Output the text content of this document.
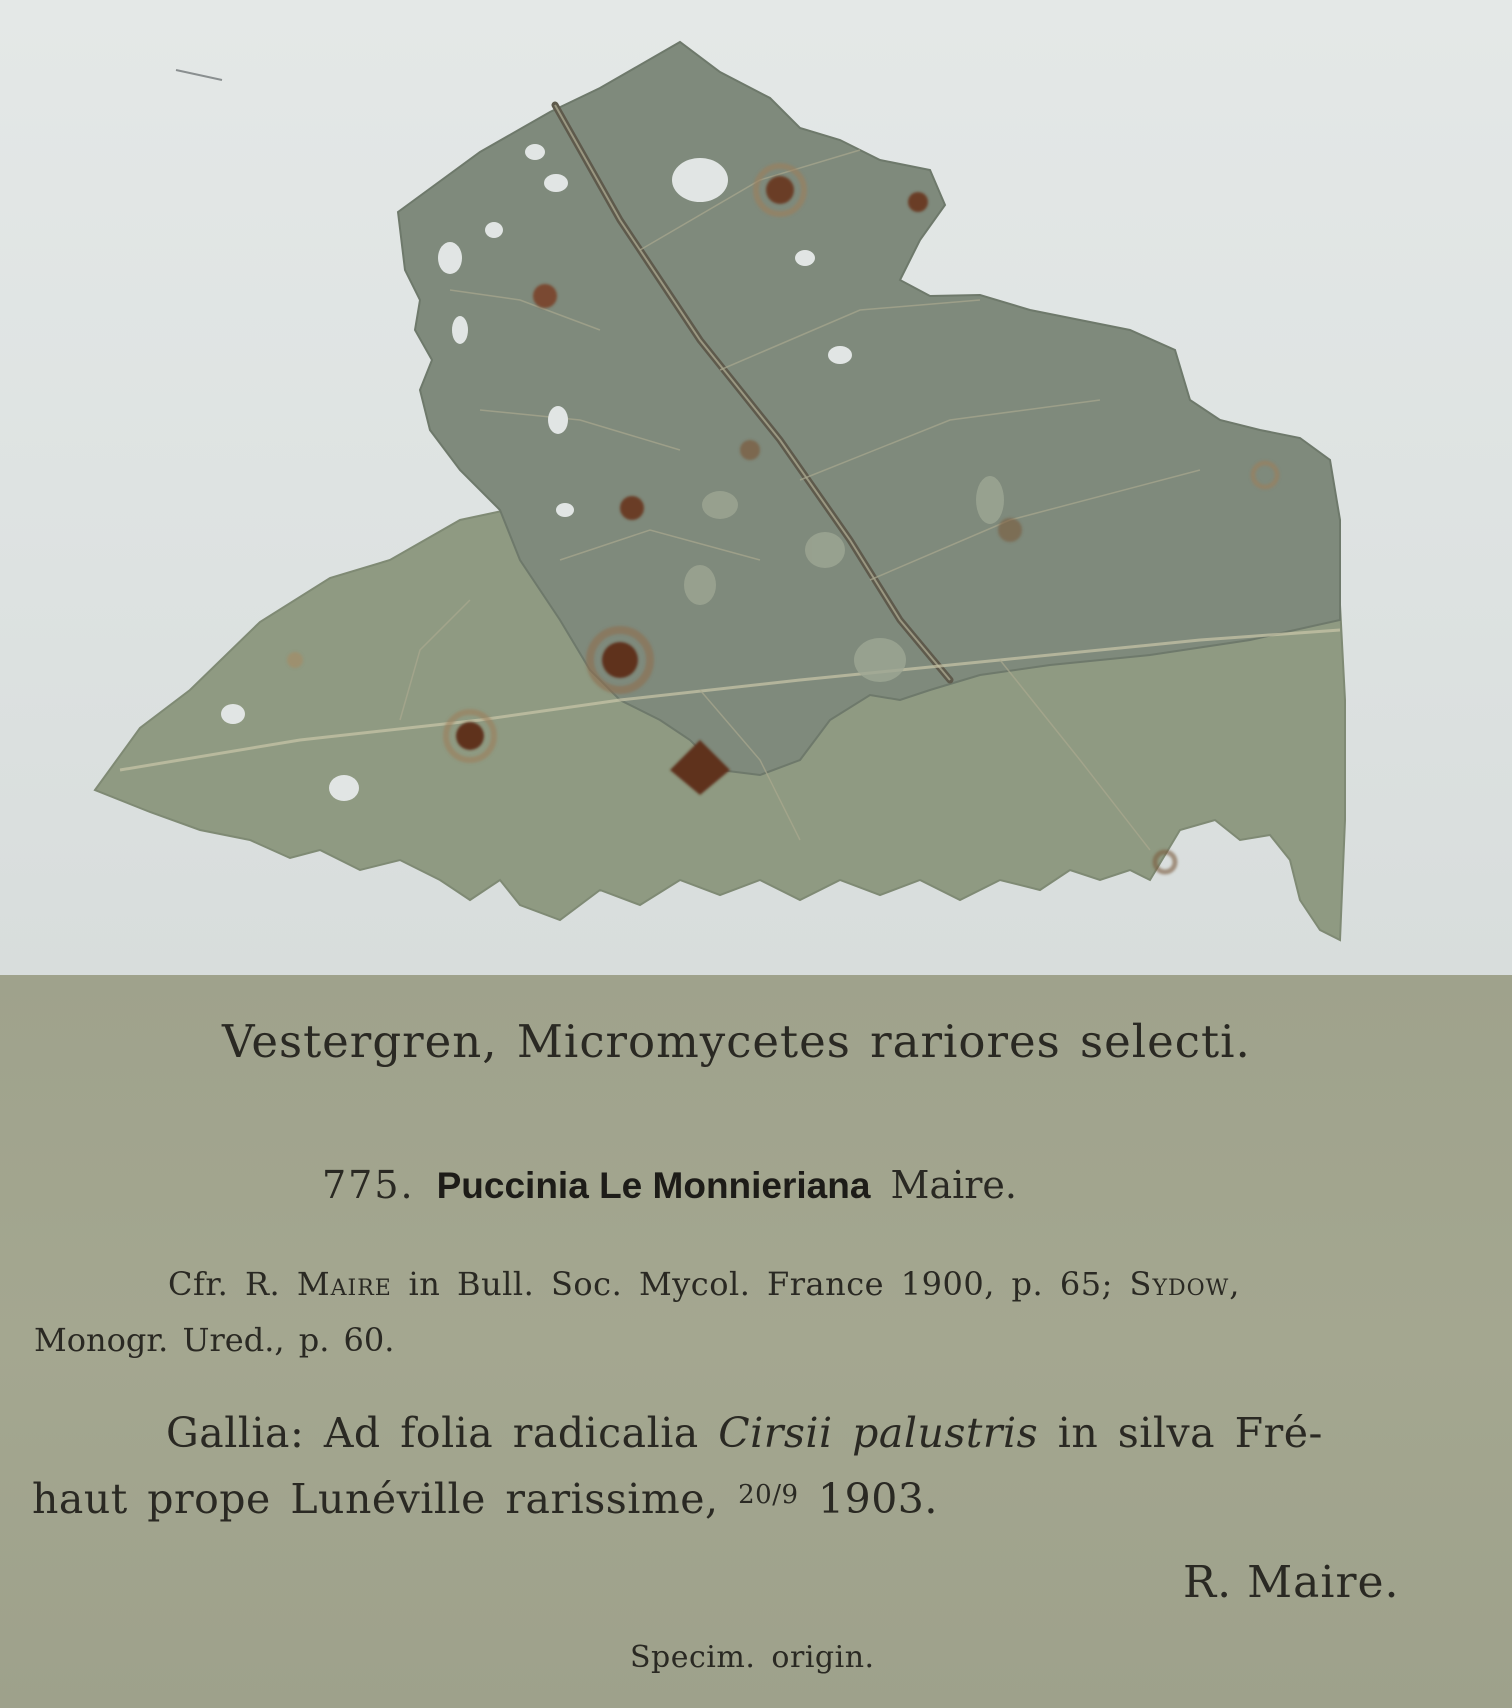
Vestergren, Micromycetes rariores selecti.
775. Puccinia Le Monnieriana Maire.
Cfr. R. Maire in Bull. Soc. Mycol. France 1900, p. 65; Sydow,
Monogr. Ured., p. 60.
Gallia: Ad folia radicalia Cirsii palustris in silva Fré-
haut prope Lunéville rarissime, $^{20/9}$ 1903.
R. Maire.
Specim. origin.
